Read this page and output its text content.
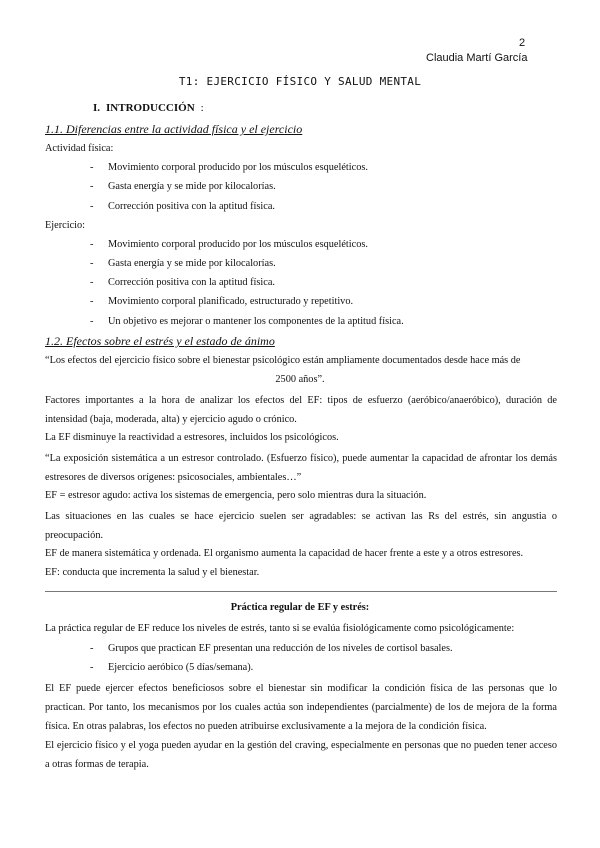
2
Claudia Martí García
T1: EJERCICIO FÍSICO Y SALUD MENTAL
I. INTRODUCCIÓN :
1.1. Diferencias entre la actividad física y el ejercicio
Actividad física:
- Movimiento corporal producido por los músculos esqueléticos.
- Gasta energía y se mide por kilocalorías.
- Corrección positiva con la aptitud física.
Ejercicio:
- Movimiento corporal producido por los músculos esqueléticos.
- Gasta energía y se mide por kilocalorías.
- Corrección positiva con la aptitud física.
- Movimiento corporal planificado, estructurado y repetitivo.
- Un objetivo es mejorar o mantener los componentes de la aptitud física.
1.2. Efectos sobre el estrés y el estado de ánimo
“Los efectos del ejercicio físico sobre el bienestar psicológico están ampliamente documentados desde hace más de
2500 años”.
Factores importantes a la hora de analizar los efectos del EF: tipos de esfuerzo (aeróbico/anaeróbico), duración de intensidad (baja, moderada, alta) y ejercicio agudo o crónico.
La EF disminuye la reactividad a estresores, incluidos los psicológicos.
“La exposición sistemática a un estresor controlado. (Esfuerzo físico), puede aumentar la capacidad de afrontar los demás estresores de diversos orígenes: psicosociales, ambientales…”
EF = estresor agudo: activa los sistemas de emergencia, pero solo mientras dura la situación.
Las situaciones en las cuales se hace ejercicio suelen ser agradables: se activan las Rs del estrés, sin angustia o preocupación.
EF de manera sistemática y ordenada. El organismo aumenta la capacidad de hacer frente a este y a otros estresores.
EF: conducta que incrementa la salud y el bienestar.
Práctica regular de EF y estrés:
La práctica regular de EF reduce los niveles de estrés, tanto si se evalúa fisiológicamente como psicológicamente:
- Grupos que practican EF presentan una reducción de los niveles de cortisol basales.
- Ejercicio aeróbico (5 días/semana).
El EF puede ejercer efectos beneficiosos sobre el bienestar sin modificar la condición física de las personas que lo practican. Por tanto, los mecanismos por los cuales actúa son independientes (parcialmente) de los de mejora de la forma física. En otras palabras, los efectos no pueden atribuirse exclusivamente a la mejora de la condición física.
El ejercicio físico y el yoga pueden ayudar en la gestión del craving, especialmente en personas que no pueden tener acceso a otras formas de terapia.
